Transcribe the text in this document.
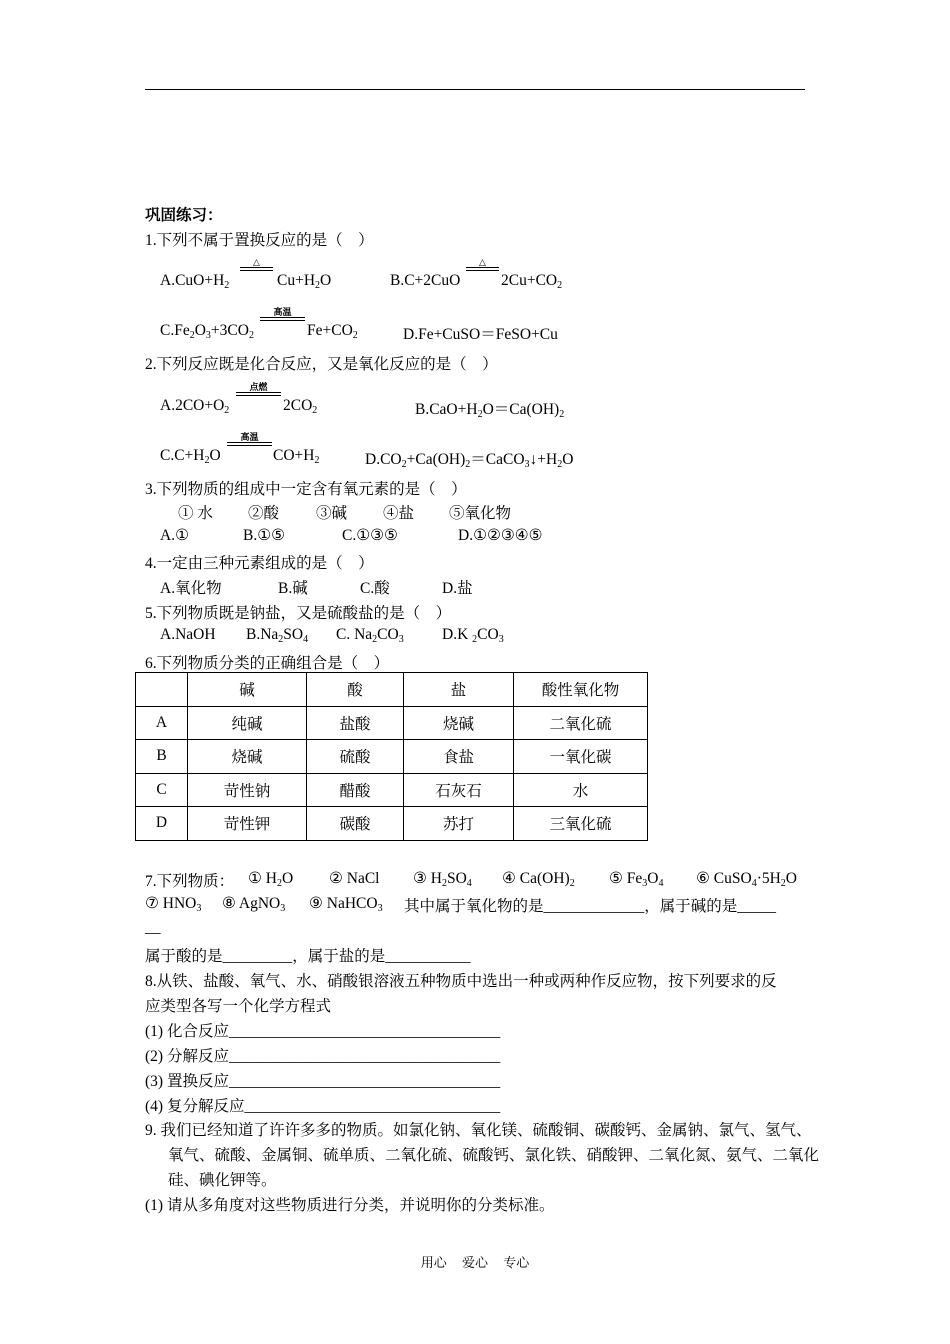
巩固练习：
1.下列不属于置换反应的是（　）
$A.CuO+H_2$
△
$Cu+H_2O$	B.C+2CuO
△
$2Cu+CO_2$
$C.Fe_2O_3+3CO_2$
高温
$Fe+CO_2$	D.Fe+CuSO＝FeSO+Cu
2.下列反应既是化合反应，又是氧化反应的是（　）
$A.2CO+O_2$
点燃
$2CO_2$	$B.CaO+H_2O=Ca(OH)_2$
$C.C+H_2O$
高温
$CO+H_2$	$D.CO_2+Ca(OH)_2=CaCO_3↓+H_2O$
3.下列物质的组成中一定含有氧元素的是（　）
① 水 ②酸 ③碱 ④盐 ⑤氧化物
A.①	B.①⑤	C.①③⑤	D.①②③④⑤
4.一定由三种元素组成的是（　）
A.氧化物	B.碱	C.酸	D.盐
5.下列物质既是钠盐，又是硫酸盐的是（　）
A.NaOH $B.Na_2SO_4$ C. $Na_2CO_3$ D.K $_2CO_3$
6.下列物质分类的正确组合是（　）
	碱	酸	盐	酸性氧化物
A	纯碱	盐酸	烧碱	二氧化硫
B	烧碱	硫酸	食盐	一氧化碳
C	苛性钠	醋酸	石灰石	水
D	苛性钾	碳酸	苏打	三氧化硫
7.下列物质： ① $H_2O$ ② NaCl ③ $H_2SO_4$ ④ $Ca(OH)_2$ ⑤ $Fe_3O_4$ ⑥ $CuSO_4\cdot 5H_2O$
⑦ $HNO_3$ ⑧ AgNO$_3$ ⑨ NaHCO$_3$ 其中属于氧化物的是_____________，属于碱的是_____
__
属于酸的是_________，属于盐的是___________
8.从铁、盐酸、氧气、水、硝酸银溶液五种物质中选出一种或两种作反应物，按下列要求的反
应类型各写一个化学方程式
(1) 化合反应___________________________________
(2) 分解反应___________________________________
(3) 置换反应___________________________________
(4) 复分解反应_________________________________
9. 我们已经知道了许许多多的物质。如氯化钠、氧化镁、硫酸铜、碳酸钙、金属钠、氯气、氢气、
氧气、硫酸、金属铜、硫单质、二氧化硫、硫酸钙、氯化铁、硝酸钾、二氧化氮、氨气、二氧化
硅、碘化钾等。
(1) 请从多角度对这些物质进行分类，并说明你的分类标准。
用心 爱心 专心
